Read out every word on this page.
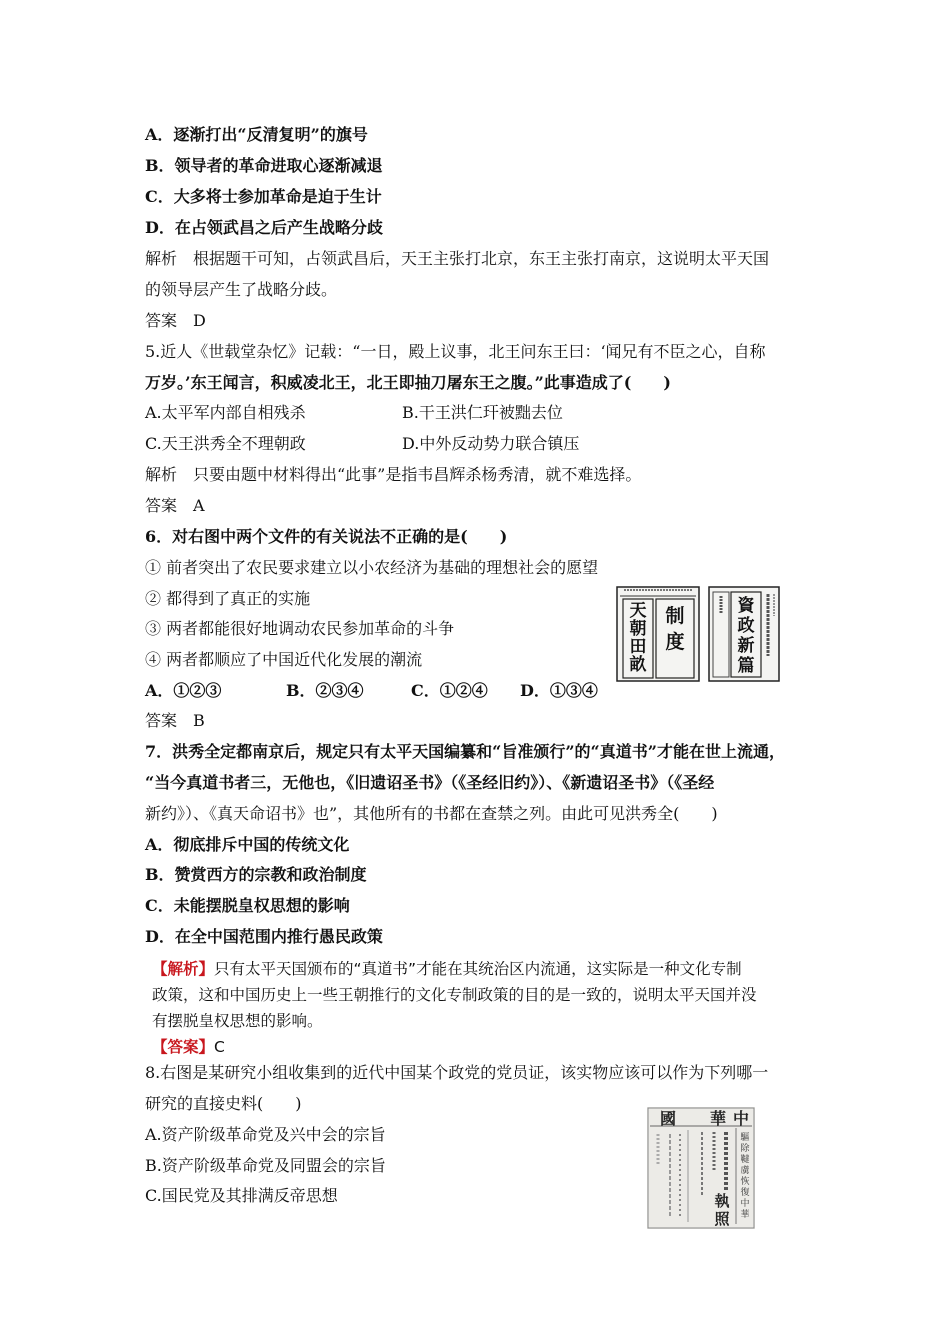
A．逐渐打出“反清复明”的旗号
B．领导者的革命进取心逐渐减退
C．大多将士参加革命是迫于生计
D．在占领武昌之后产生战略分歧
解析　根据题干可知，占领武昌后，天王主张打北京，东王主张打南京，这说明太平天国
的领导层产生了战略分歧。
答案　D
5.近人《世载堂杂忆》记载：“一日，殿上议事，北王问东王曰：‘闻兄有不臣之心，自称
万岁。’东王闻言，积威凌北王，北王即抽刀屠东王之腹。”此事造成了(　　)
A.太平军内部自相残杀	B.干王洪仁玕被黜去位
C.天王洪秀全不理朝政	D.中外反动势力联合镇压
解析　只要由题中材料得出“此事”是指韦昌辉杀杨秀清，就不难选择。
答案　A
6．对右图中两个文件的有关说法不正确的是(　　)
① 前者突出了农民要求建立以小农经济为基础的理想社会的愿望
② 都得到了真正的实施
③ 两者都能很好地调动农民参加革命的斗争
④ 两者都顺应了中国近代化发展的潮流
A．①②③	B．②③④	C．①②④ D．①③④
答案　B
天
朝
田
畝
制
度
資
政
新
篇
7．洪秀全定都南京后，规定只有太平天国编纂和“旨准颁行”的“真道书”才能在世上流通，
“当今真道书者三，无他也，《旧遗诏圣书》（《圣经旧约》）、《新遗诏圣书》（《圣经
新约》）、《真天命诏书》也”，其他所有的书都在查禁之列。由此可见洪秀全(　　)
A．彻底排斥中国的传统文化
B．赞赏西方的宗教和政治制度
C．未能摆脱皇权思想的影响
D．在全中国范围内推行愚民政策
【解析】只有太平天国颁布的“真道书”才能在其统治区内流通，这实际是一种文化专制
政策，这和中国历史上一些王朝推行的文化专制政策的目的是一致的，说明太平天国并没
有摆脱皇权思想的影响。
【答案】C
8.右图是某研究小组收集到的近代中国某个政党的党员证，该实物应该可以作为下列哪一
研究的直接史料(　　)
A.资产阶级革命党及兴中会的宗旨
B.资产阶级革命党及同盟会的宗旨
C.国民党及其排满反帝思想
中
華
國
驅
除
韃
虜
恢
復
中
華
執
照
